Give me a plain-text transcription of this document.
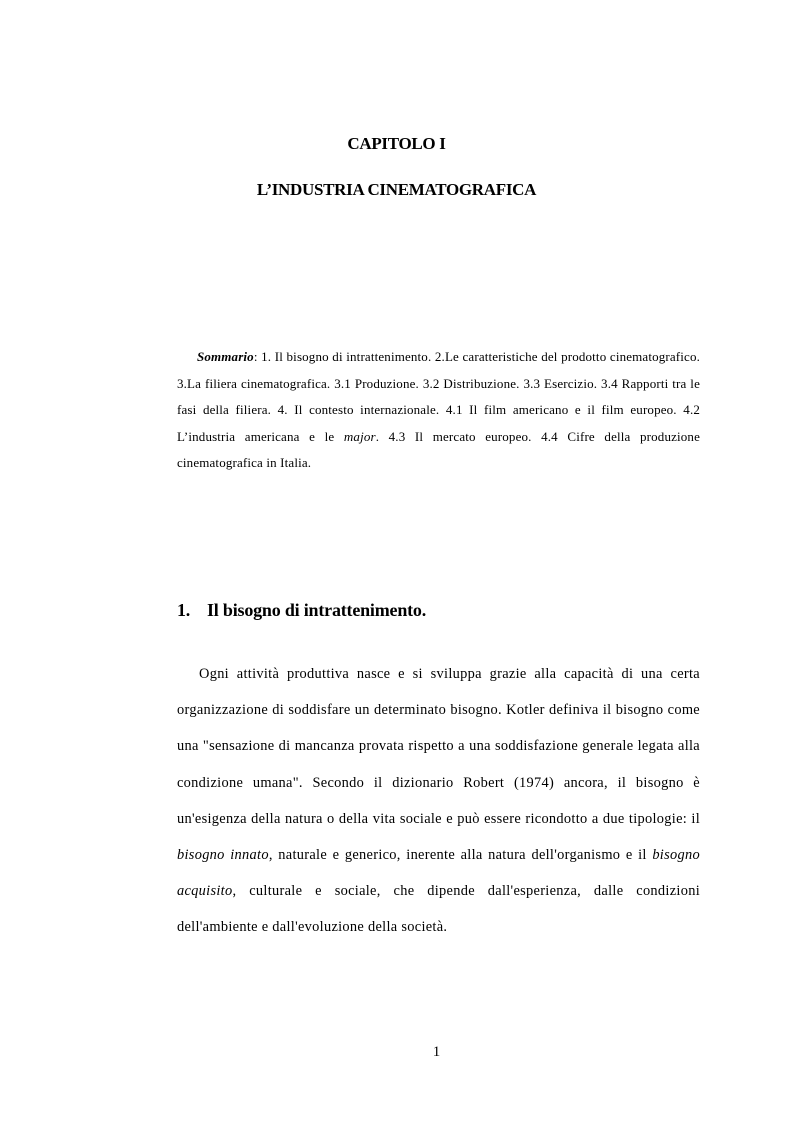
CAPITOLO I
L’INDUSTRIA CINEMATOGRAFICA

Sommario: 1. Il bisogno di intrattenimento. 2.Le caratteristiche del prodotto cinematografico. 3.La filiera cinematografica. 3.1 Produzione. 3.2 Distribuzione. 3.3 Esercizio. 3.4 Rapporti tra le fasi della filiera. 4. Il contesto internazionale. 4.1 Il film americano e il film europeo. 4.2 L’industria americana e le major. 4.3 Il mercato europeo. 4.4 Cifre della produzione cinematografica in Italia.

1. Il bisogno di intrattenimento.

Ogni attività produttiva nasce e si sviluppa grazie alla capacità di una certa organizzazione di soddisfare un determinato bisogno. Kotler definiva il bisogno come una "sensazione di mancanza provata rispetto a una soddisfazione generale legata alla condizione umana". Secondo il dizionario Robert (1974) ancora, il bisogno è un'esigenza della natura o della vita sociale e può essere ricondotto a due tipologie: il bisogno innato, naturale e generico, inerente alla natura dell'organismo e il bisogno acquisito, culturale e sociale, che dipende dall'esperienza, dalle condizioni dell'ambiente e dall'evoluzione della società.

1
